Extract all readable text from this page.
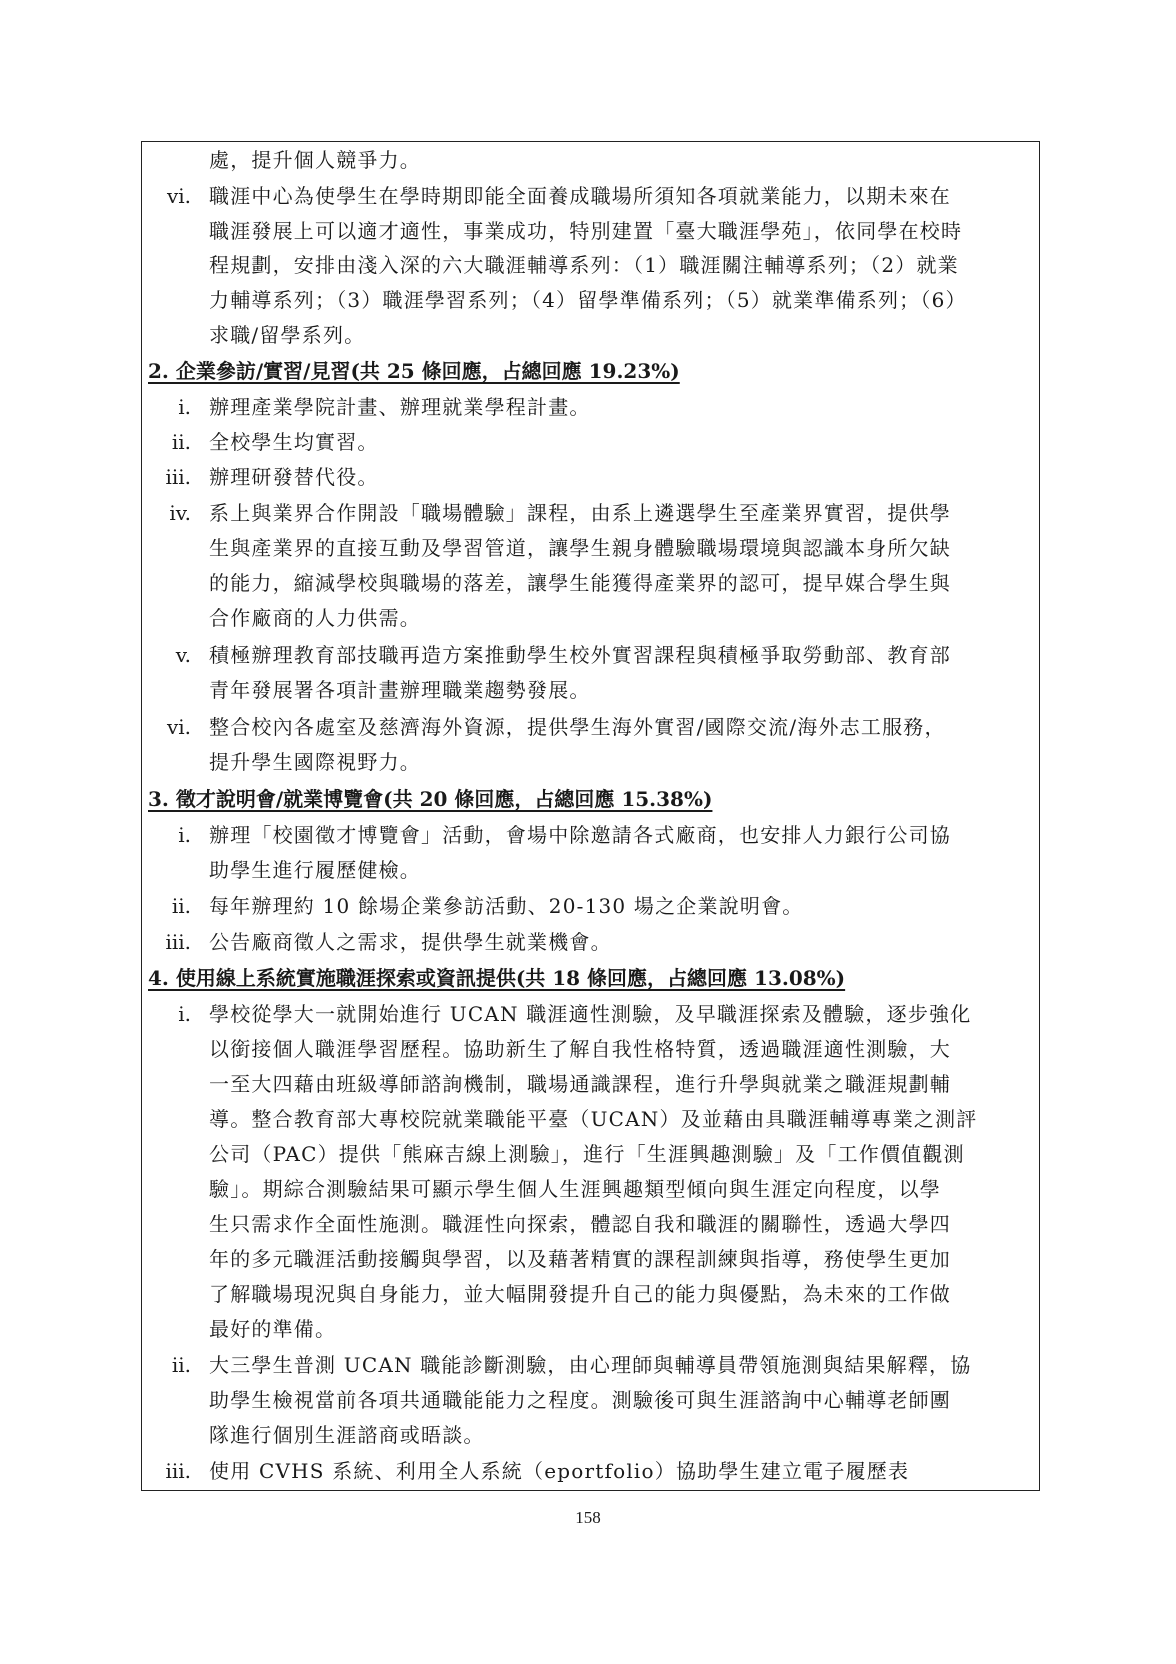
處，提升個人競爭力。
vi. 職涯中心為使學生在學時期即能全面養成職場所須知各項就業能力，以期未來在
職涯發展上可以適才適性，事業成功，特別建置「臺大職涯學苑」，依同學在校時
程規劃，安排由淺入深的六大職涯輔導系列：（1）職涯關注輔導系列；（2）就業
力輔導系列；（3）職涯學習系列；（4）留學準備系列；（5）就業準備系列；（6）
求職/留學系列。
2. 企業參訪/實習/見習(共 25 條回應，占總回應 19.23%)
i. 辦理產業學院計畫、辦理就業學程計畫。
ii. 全校學生均實習。
iii. 辦理研發替代役。
iv. 系上與業界合作開設「職場體驗」課程，由系上遴選學生至產業界實習，提供學
生與產業界的直接互動及學習管道，讓學生親身體驗職場環境與認識本身所欠缺
的能力，縮減學校與職場的落差，讓學生能獲得產業界的認可，提早媒合學生與
合作廠商的人力供需。
v. 積極辦理教育部技職再造方案推動學生校外實習課程與積極爭取勞動部、教育部
青年發展署各項計畫辦理職業趨勢發展。
vi. 整合校內各處室及慈濟海外資源，提供學生海外實習/國際交流/海外志工服務，
提升學生國際視野力。
3. 徵才說明會/就業博覽會(共 20 條回應，占總回應 15.38%)
i. 辦理「校園徵才博覽會」活動，會場中除邀請各式廠商，也安排人力銀行公司協
助學生進行履歷健檢。
ii. 每年辦理約 10 餘場企業參訪活動、20-130 場之企業說明會。
iii. 公告廠商徵人之需求，提供學生就業機會。
4. 使用線上系統實施職涯探索或資訊提供(共 18 條回應，占總回應 13.08%)
i. 學校從學大一就開始進行 UCAN 職涯適性測驗，及早職涯探索及體驗，逐步強化
以銜接個人職涯學習歷程。協助新生了解自我性格特質，透過職涯適性測驗，大
一至大四藉由班級導師諮詢機制，職場通識課程，進行升學與就業之職涯規劃輔
導。整合教育部大專校院就業職能平臺（UCAN）及並藉由具職涯輔導專業之測評
公司（PAC）提供「熊麻吉線上測驗」，進行「生涯興趣測驗」及「工作價值觀測
驗」。期綜合測驗結果可顯示學生個人生涯興趣類型傾向與生涯定向程度，以學
生只需求作全面性施測。職涯性向探索，體認自我和職涯的關聯性，透過大學四
年的多元職涯活動接觸與學習，以及藉著精實的課程訓練與指導，務使學生更加
了解職場現況與自身能力，並大幅開發提升自己的能力與優點，為未來的工作做
最好的準備。
ii. 大三學生普測 UCAN 職能診斷測驗，由心理師與輔導員帶領施測與結果解釋，協
助學生檢視當前各項共通職能能力之程度。測驗後可與生涯諮詢中心輔導老師團
隊進行個別生涯諮商或晤談。
iii. 使用 CVHS 系統、利用全人系統（eportfolio）協助學生建立電子履歷表
158
